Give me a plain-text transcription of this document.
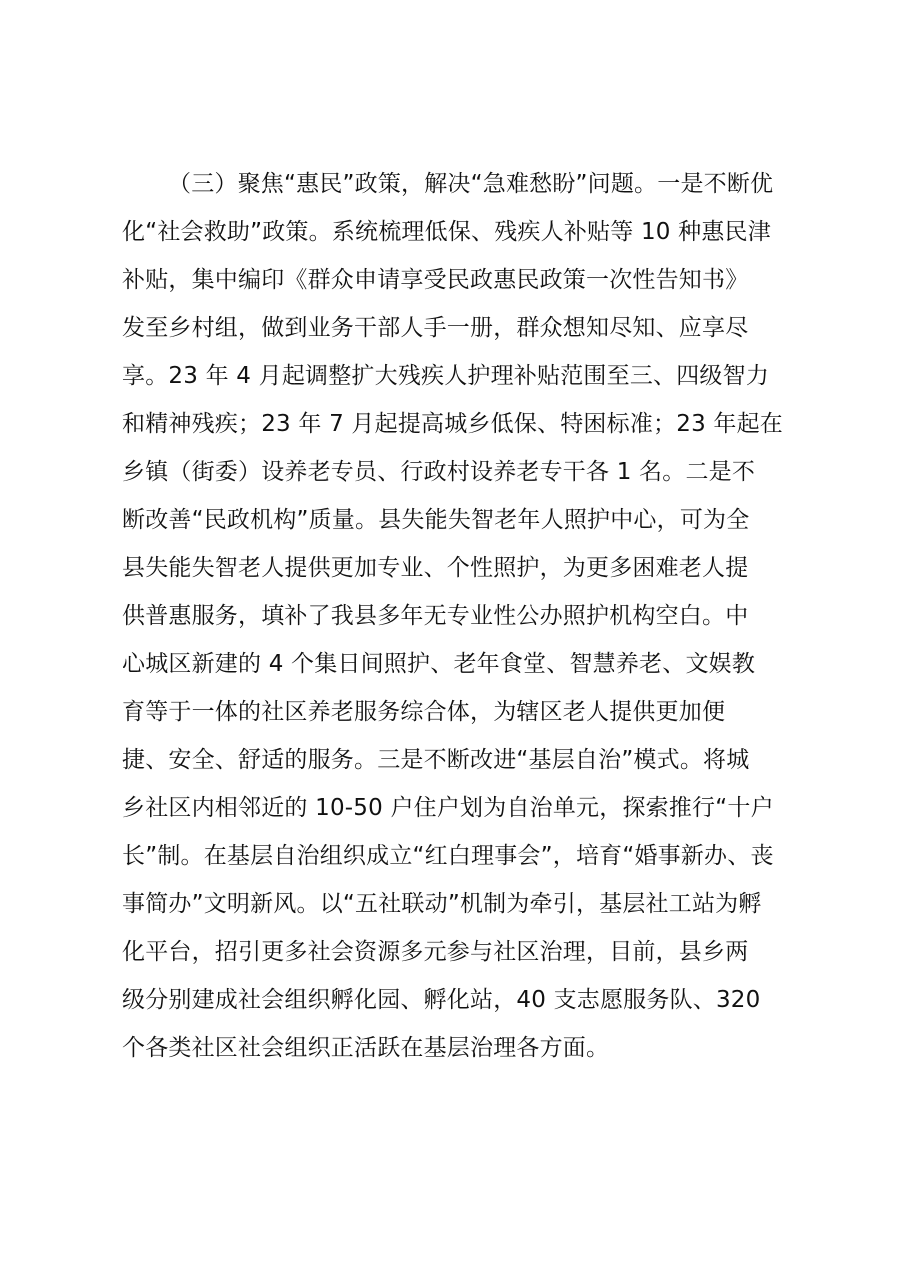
（三）聚焦“惠民”政策，解决“急难愁盼”问题。一是不断优
化“社会救助”政策。系统梳理低保、残疾人补贴等 10 种惠民津
补贴，集中编印《群众申请享受民政惠民政策一次性告知书》
发至乡村组，做到业务干部人手一册，群众想知尽知、应享尽
享。23 年 4 月起调整扩大残疾人护理补贴范围至三、四级智力
和精神残疾；23 年 7 月起提高城乡低保、特困标准；23 年起在
乡镇（街委）设养老专员、行政村设养老专干各 1 名。二是不
断改善“民政机构”质量。县失能失智老年人照护中心，可为全
县失能失智老人提供更加专业、个性照护，为更多困难老人提
供普惠服务，填补了我县多年无专业性公办照护机构空白。中
心城区新建的 4 个集日间照护、老年食堂、智慧养老、文娱教
育等于一体的社区养老服务综合体，为辖区老人提供更加便
捷、安全、舒适的服务。三是不断改进“基层自治”模式。将城
乡社区内相邻近的 10-50 户住户划为自治单元，探索推行“十户
长”制。在基层自治组织成立“红白理事会”，培育“婚事新办、丧
事简办”文明新风。以“五社联动”机制为牵引，基层社工站为孵
化平台，招引更多社会资源多元参与社区治理，目前，县乡两
级分别建成社会组织孵化园、孵化站，40 支志愿服务队、320
个各类社区社会组织正活跃在基层治理各方面。
